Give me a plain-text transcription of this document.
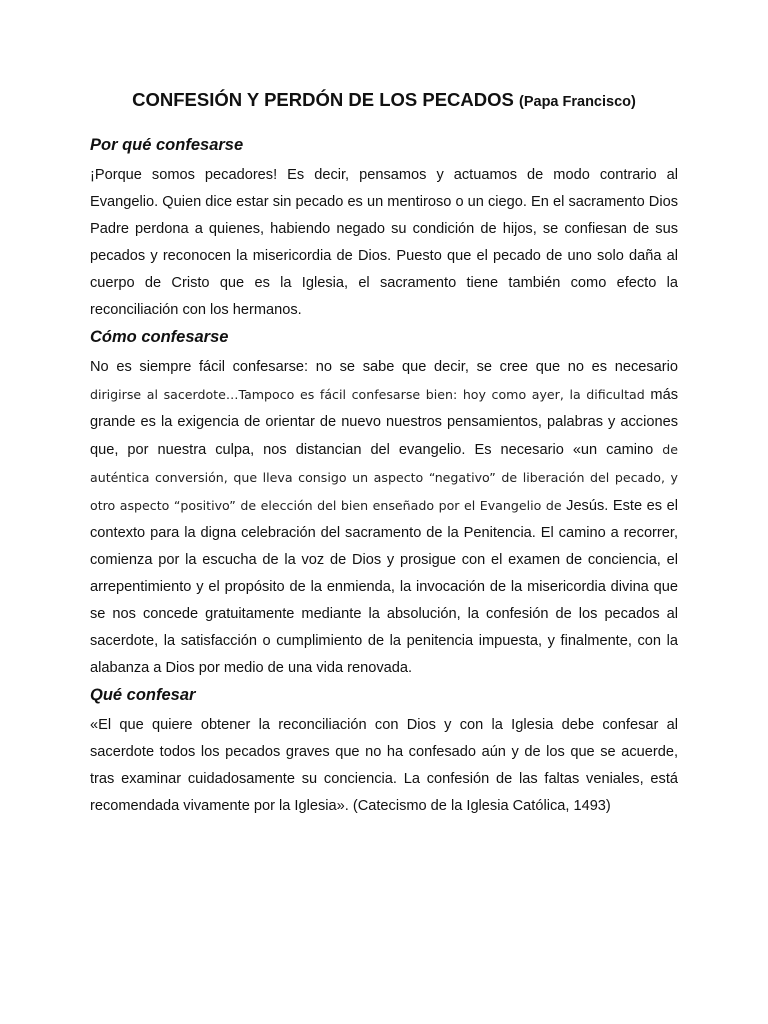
CONFESIÓN Y PERDÓN DE LOS PECADOS (Papa Francisco)
Por qué confesarse

¡Porque somos pecadores! Es decir, pensamos y actuamos de modo contrario al Evangelio. Quien dice estar sin pecado es un mentiroso o un ciego. En el sacramento Dios Padre perdona a quienes, habiendo negado su condición de hijos, se confiesan de sus pecados y reconocen la misericordia de Dios. Puesto que el pecado de uno solo daña al cuerpo de Cristo que es la Iglesia, el sacramento tiene también como efecto la reconciliación con los hermanos.

Cómo confesarse

No es siempre fácil confesarse: no se sabe que decir, se cree que no es necesario dirigirse al sacerdote…Tampoco es fácil confesarse bien: hoy como ayer, la dificultad más grande es la exigencia de orientar de nuevo nuestros pensamientos, palabras y acciones que, por nuestra culpa, nos distancian del evangelio. Es necesario «un camino de auténtica conversión, que lleva consigo un aspecto “negativo” de liberación del pecado, y otro aspecto “positivo” de elección del bien enseñado por el Evangelio de Jesús. Este es el contexto para la digna celebración del sacramento de la Penitencia. El camino a recorrer, comienza por la escucha de la voz de Dios y prosigue con el examen de conciencia, el arrepentimiento y el propósito de la enmienda, la invocación de la misericordia divina que se nos concede gratuitamente mediante la absolución, la confesión de los pecados al sacerdote, la satisfacción o cumplimiento de la penitencia impuesta, y finalmente, con la alabanza a Dios por medio de una vida renovada.

Qué confesar

«El que quiere obtener la reconciliación con Dios y con la Iglesia debe confesar al sacerdote todos los pecados graves que no ha confesado aún y de los que se acuerde, tras examinar cuidadosamente su conciencia. La confesión de las faltas veniales, está recomendada vivamente por la Iglesia». (Catecismo de la Iglesia Católica, 1493)
